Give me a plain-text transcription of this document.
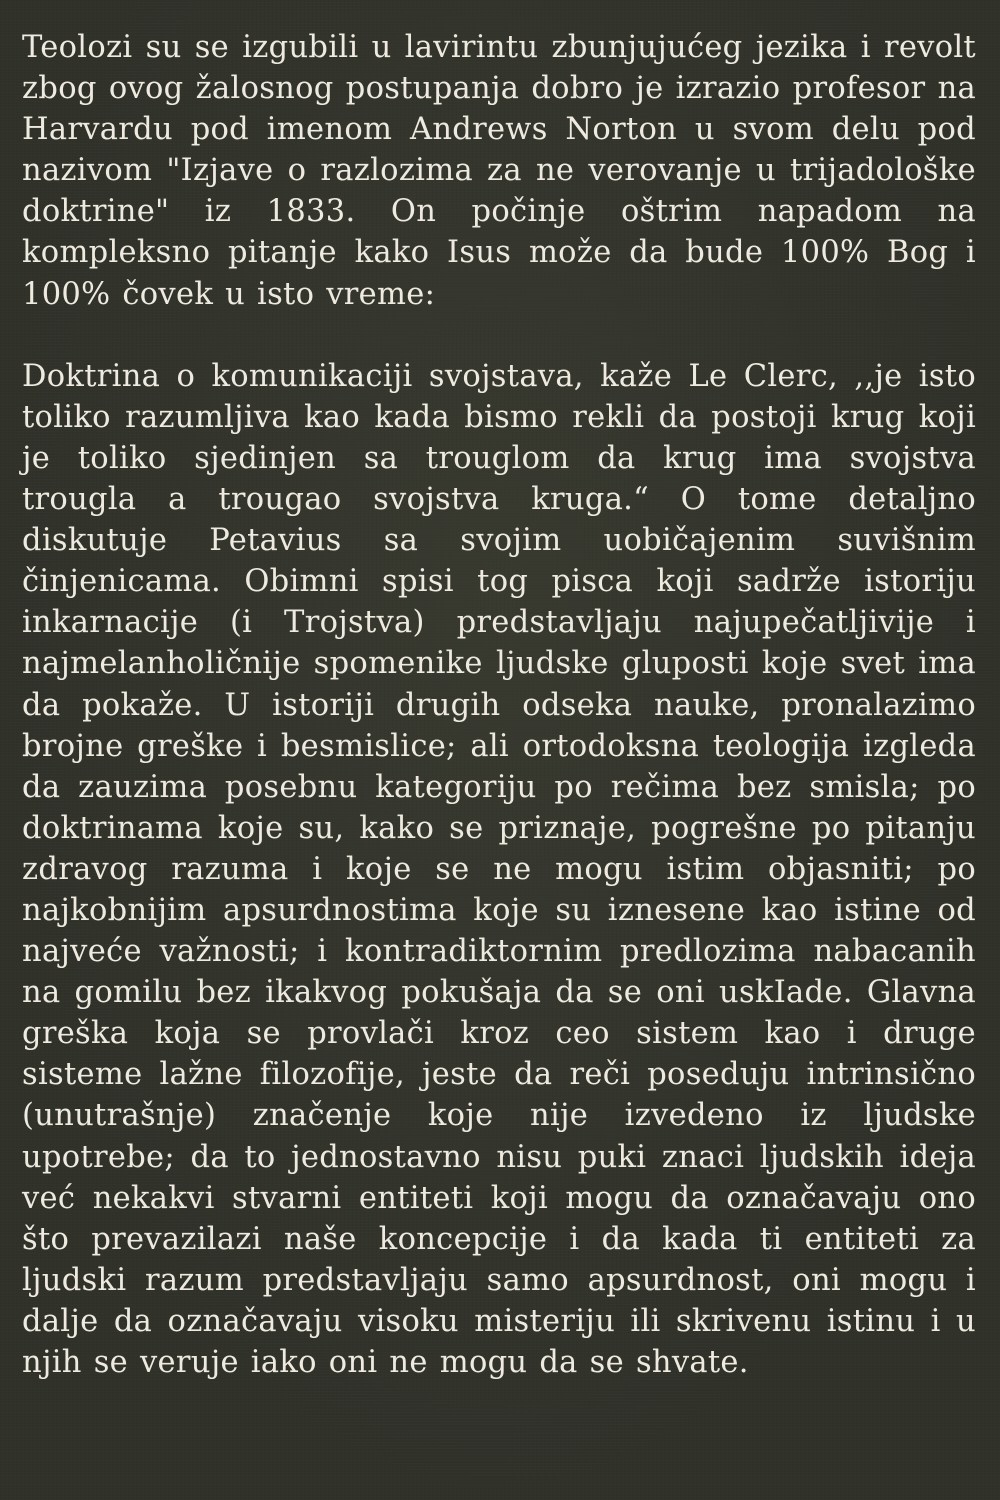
Teolozi su se izgubili u lavirintu zbunjujućeg jezika i revolt zbog ovog žalosnog postupanja dobro je izrazio profesor na Harvardu pod imenom Andrews Norton u svom delu pod nazivom "Izjave o razlozima za ne verovanje u trijadološke doktrine" iz 1833. On počinje oštrim napadom na kompleksno pitanje kako Isus može da bude 100% Bog i 100% čovek u isto vreme:

Doktrina o komunikaciji svojstava, kaže Le Clerc, ,,je isto toliko razumljiva kao kada bismo rekli da postoji krug koji je toliko sjedinjen sa trouglom da krug ima svojstva trougla a trougao svojstva kruga.“ O tome detaljno diskutuje Petavius sa svojim uobičajenim suvišnim činjenicama. Obimni spisi tog pisca koji sadrže istoriju inkarnacije (i Trojstva) predstavljaju najupečatljivije i najmelanholičnije spomenike ljudske gluposti koje svet ima da pokaže. U istoriji drugih odseka nauke, pronalazimo brojne greške i besmislice; ali ortodoksna teologija izgleda da zauzima posebnu kategoriju po rečima bez smisla; po doktrinama koje su, kako se priznaje, pogrešne po pitanju zdravog razuma i koje se ne mogu istim objasniti; po najkobnijim apsurdnostima koje su iznesene kao istine od najveće važnosti; i kontradiktornim predlozima nabacanih na gomilu bez ikakvog pokušaja da se oni uskIade. Glavna greška koja se provlači kroz ceo sistem kao i druge sisteme lažne filozofije, jeste da reči poseduju intrinsično (unutrašnje) značenje koje nije izvedeno iz ljudske upotrebe; da to jednostavno nisu puki znaci ljudskih ideja već nekakvi stvarni entiteti koji mogu da označavaju ono što prevazilazi naše koncepcije i da kada ti entiteti za ljudski razum predstavljaju samo apsurdnost, oni mogu i dalje da označavaju visoku misteriju ili skrivenu istinu i u njih se veruje iako oni ne mogu da se shvate.
